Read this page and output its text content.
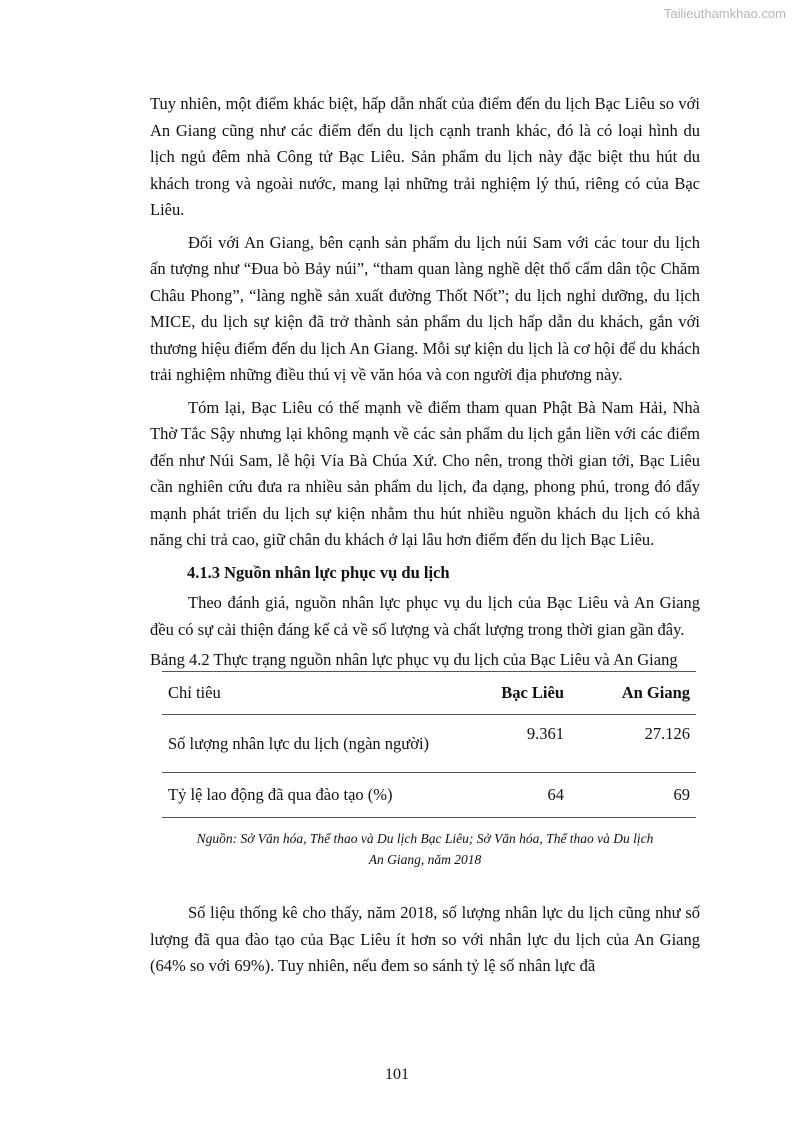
Tailieuthamkhao.com

Tuy nhiên, một điểm khác biệt, hấp dẫn nhất của điểm đến du lịch Bạc Liêu so với An Giang cũng như các điểm đến du lịch cạnh tranh khác, đó là có loại hình du lịch ngủ đêm nhà Công tử Bạc Liêu. Sản phẩm du lịch này đặc biệt thu hút du khách trong và ngoài nước, mang lại những trải nghiệm lý thú, riêng có của Bạc Liêu.

Đối với An Giang, bên cạnh sản phẩm du lịch núi Sam với các tour du lịch ấn tượng như “Đua bò Bảy núi”, “tham quan làng nghề dệt thổ cẩm dân tộc Chăm Châu Phong”, “làng nghề sản xuất đường Thốt Nốt”; du lịch nghỉ dưỡng, du lịch MICE, du lịch sự kiện đã trở thành sản phẩm du lịch hấp dẫn du khách, gắn với thương hiệu điểm đến du lịch An Giang. Mỗi sự kiện du lịch là cơ hội để du khách trải nghiệm những điều thú vị về văn hóa và con người địa phương này.

Tóm lại, Bạc Liêu có thế mạnh về điểm tham quan Phật Bà Nam Hải, Nhà Thờ Tắc Sậy nhưng lại không mạnh về các sản phẩm du lịch gắn liền với các điểm đến như Núi Sam, lễ hội Vía Bà Chúa Xứ. Cho nên, trong thời gian tới, Bạc Liêu cần nghiên cứu đưa ra nhiều sản phẩm du lịch, đa dạng, phong phú, trong đó đẩy mạnh phát triển du lịch sự kiện nhằm thu hút nhiều nguồn khách du lịch có khả năng chi trả cao, giữ chân du khách ở lại lâu hơn điểm đến du lịch Bạc Liêu.

4.1.3 Nguồn nhân lực phục vụ du lịch

Theo đánh giá, nguồn nhân lực phục vụ du lịch của Bạc Liêu và An Giang đều có sự cải thiện đáng kể cả về số lượng và chất lượng trong thời gian gần đây.

Bảng 4.2 Thực trạng nguồn nhân lực phục vụ du lịch của Bạc Liêu và An Giang
Chỉ tiêu	Bạc Liêu	An Giang
Số lượng nhân lực du lịch (ngàn người)	9.361	27.126
Tỷ lệ lao động đã qua đào tạo (%)	64	69
Nguồn: Sở Văn hóa, Thể thao và Du lịch Bạc Liêu; Sở Văn hóa, Thể thao và Du lịch
An Giang, năm 2018

Số liệu thống kê cho thấy, năm 2018, số lượng nhân lực du lịch cũng như số lượng đã qua đào tạo của Bạc Liêu ít hơn so với nhân lực du lịch của An Giang (64% so với 69%). Tuy nhiên, nếu đem so sánh tỷ lệ số nhân lực đã

101
